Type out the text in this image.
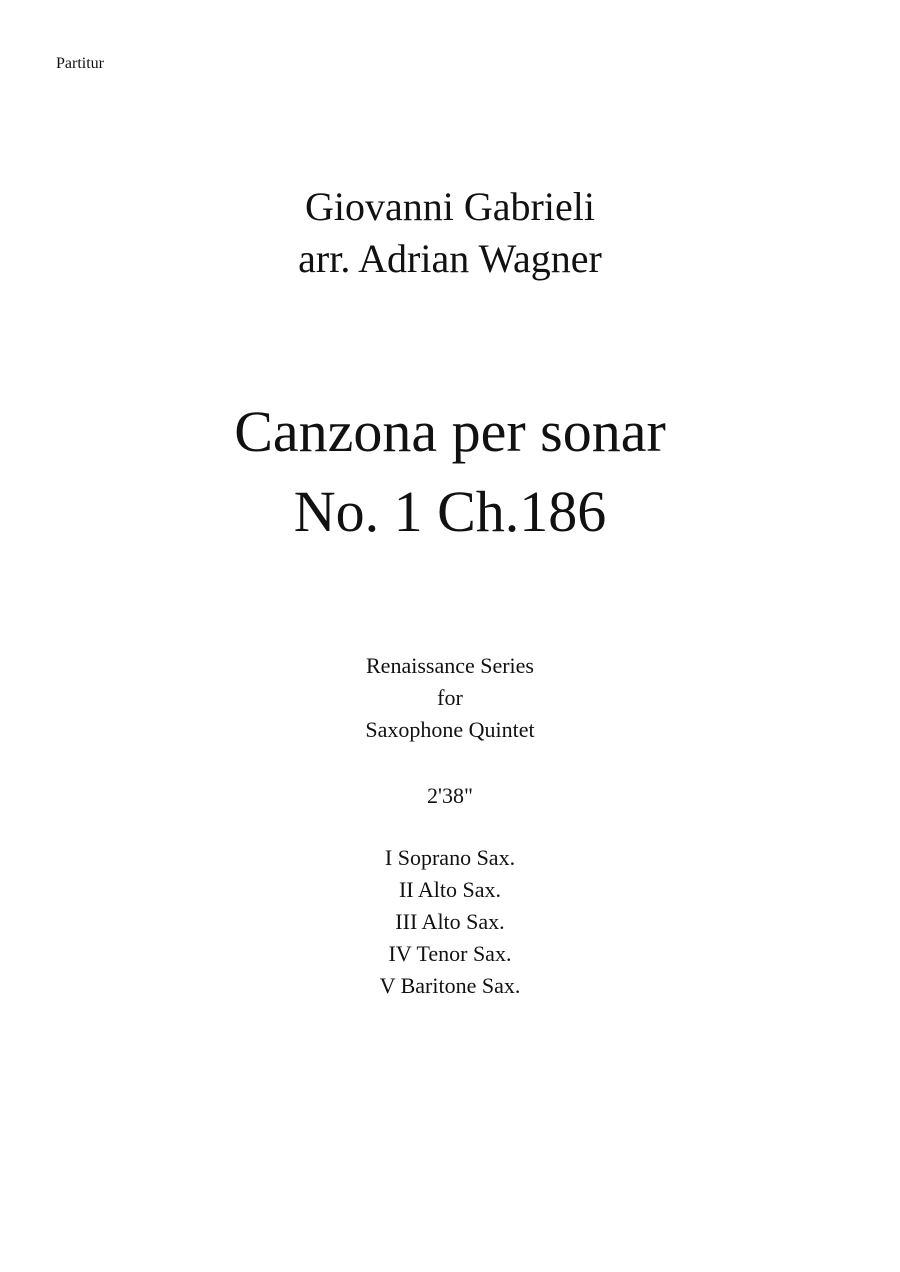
Partitur
Giovanni Gabrieli
arr. Adrian Wagner
Canzona per sonar
No. 1 Ch.186
Renaissance Series
for
Saxophone Quintet
2'38"
I Soprano Sax.
II Alto Sax.
III Alto Sax.
IV Tenor Sax.
V Baritone Sax.
